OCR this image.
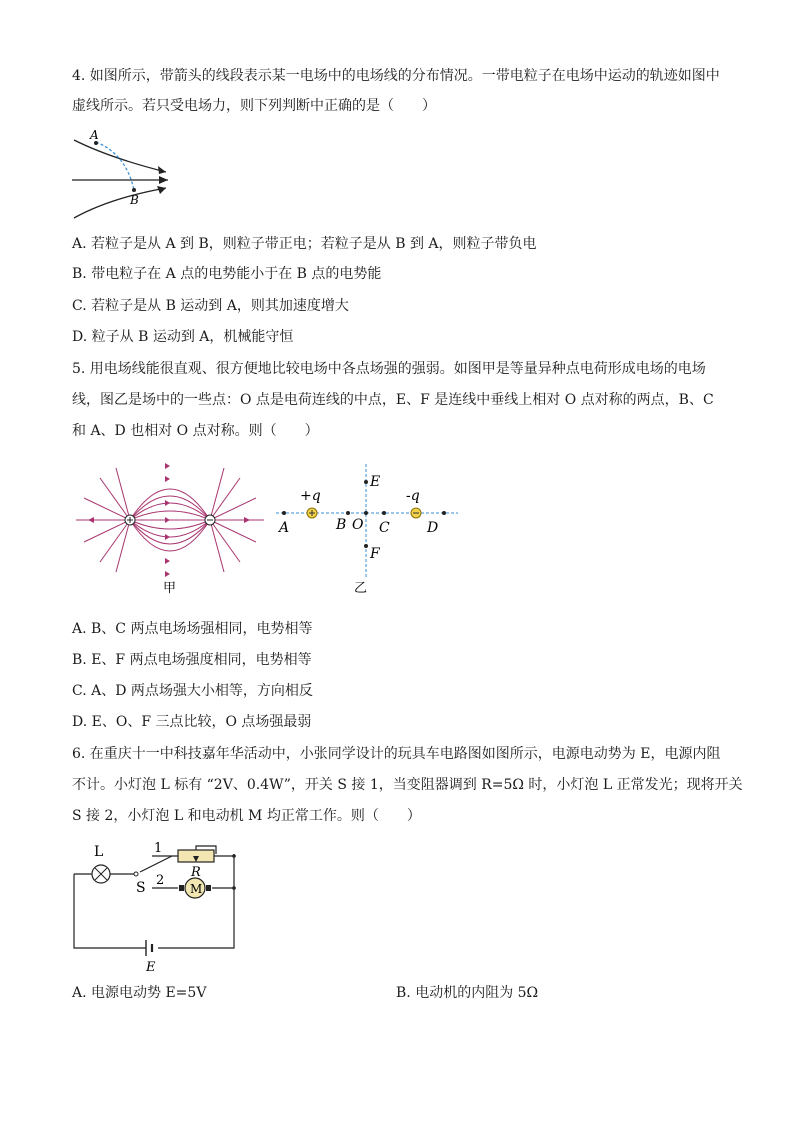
4. 如图所示，带箭头的线段表示某一电场中的电场线的分布情况。一带电粒子在电场中运动的轨迹如图中
虚线所示。若只受电场力，则下列判断中正确的是（　　）
A
B
A. 若粒子是从 A 到 B，则粒子带正电；若粒子是从 B 到 A，则粒子带负电
B. 带电粒子在 A 点的电势能小于在 B 点的电势能
C. 若粒子是从 B 运动到 A，则其加速度增大
D. 粒子从 B 运动到 A，机械能守恒
5. 用电场线能很直观、很方便地比较电场中各点场强的强弱。如图甲是等量异种点电荷形成电场的电场
线，图乙是场中的一些点：O 点是电荷连线的中点，E、F 是连线中垂线上相对 O 点对称的两点，B、C
和 A、D 也相对 O 点对称。则（　　）
甲
+q	-q
A	B O C	D
E
F
乙
A. B、C 两点电场场强相同，电势相等
B. E、F 两点电场强度相同，电势相等
C. A、D 两点场强大小相等，方向相反
D. E、O、F 三点比较，O 点场强最弱
6. 在重庆十一中科技嘉年华活动中，小张同学设计的玩具车电路图如图所示，电源电动势为 E，电源内阻
不计。小灯泡 L 标有 “2V、0.4W”，开关 S 接 1，当变阻器调到 R=5Ω 时，小灯泡 L 正常发光；现将开关
S 接 2，小灯泡 L 和电动机 M 均正常工作。则（　　）
L
S
1
2
R
M
E
A. 电源电动势 E=5V	B. 电动机的内阻为 5Ω
